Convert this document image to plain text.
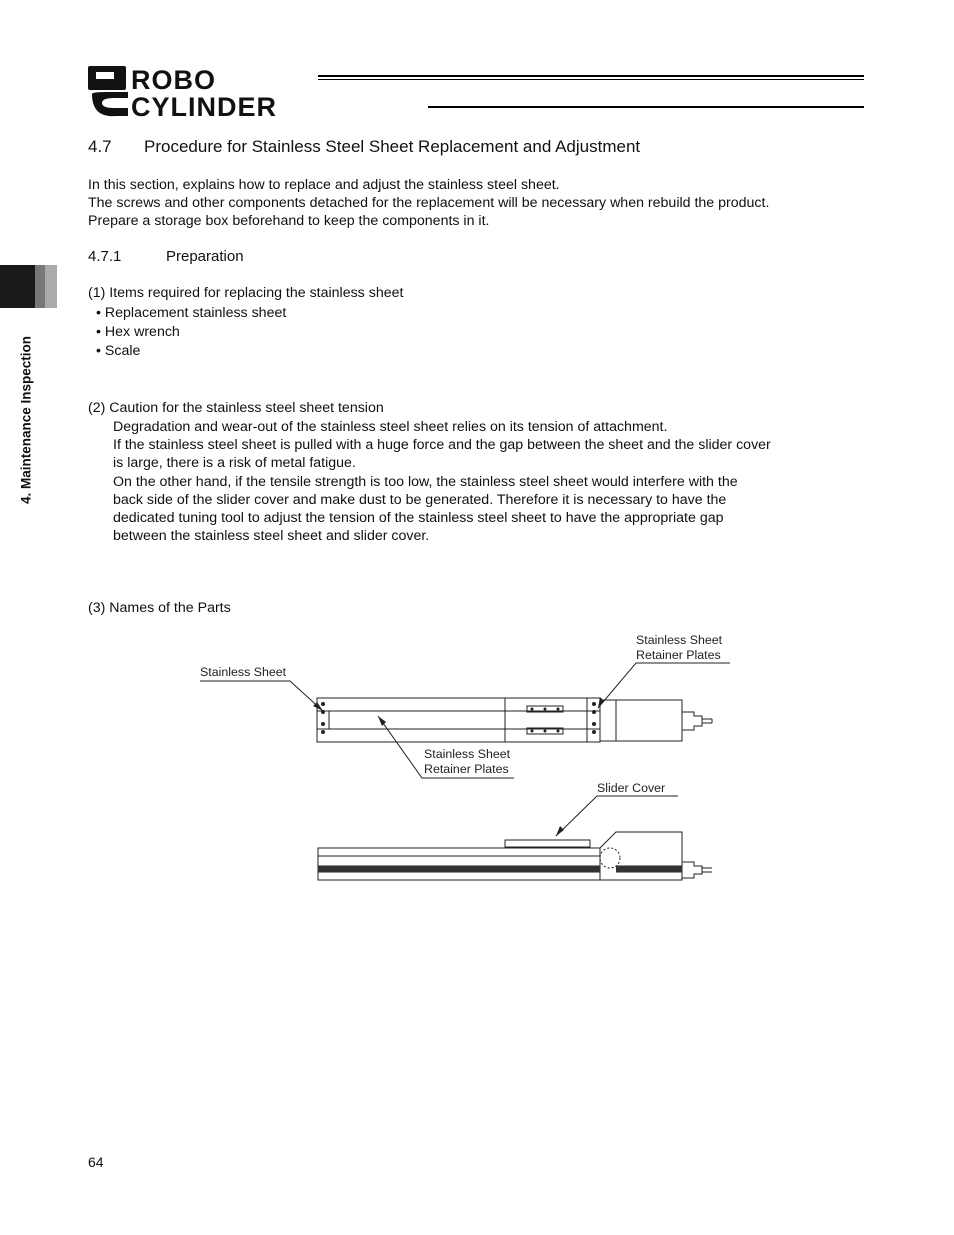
ROBO
CYLINDER
4. Maintenance Inspection
4.7 Procedure for Stainless Steel Sheet Replacement and Adjustment
In this section, explains how to replace and adjust the stainless steel sheet.
The screws and other components detached for the replacement will be necessary when rebuild the product.
Prepare a storage box beforehand to keep the components in it.
4.7.1	Preparation
(1) Items required for replacing the stainless sheet
• Replacement stainless sheet
• Hex wrench
• Scale
(2) Caution for the stainless steel sheet tension

Degradation and wear-out of the stainless steel sheet relies on its tension of attachment.

If the stainless steel sheet is pulled with a huge force and the gap between the sheet and the slider cover

is large, there is a risk of metal fatigue.

On the other hand, if the tensile strength is too low, the stainless steel sheet would interfere with the

back side of the slider cover and make dust to be generated. Therefore it is necessary to have the

dedicated tuning tool to adjust the tension of the stainless steel sheet to have the appropriate gap

between the stainless steel sheet and slider cover.

(3) Names of the Parts
Stainless Sheet
Stainless Sheet
Retainer Plates
Stainless Sheet
Retainer Plates
Slider Cover
64
